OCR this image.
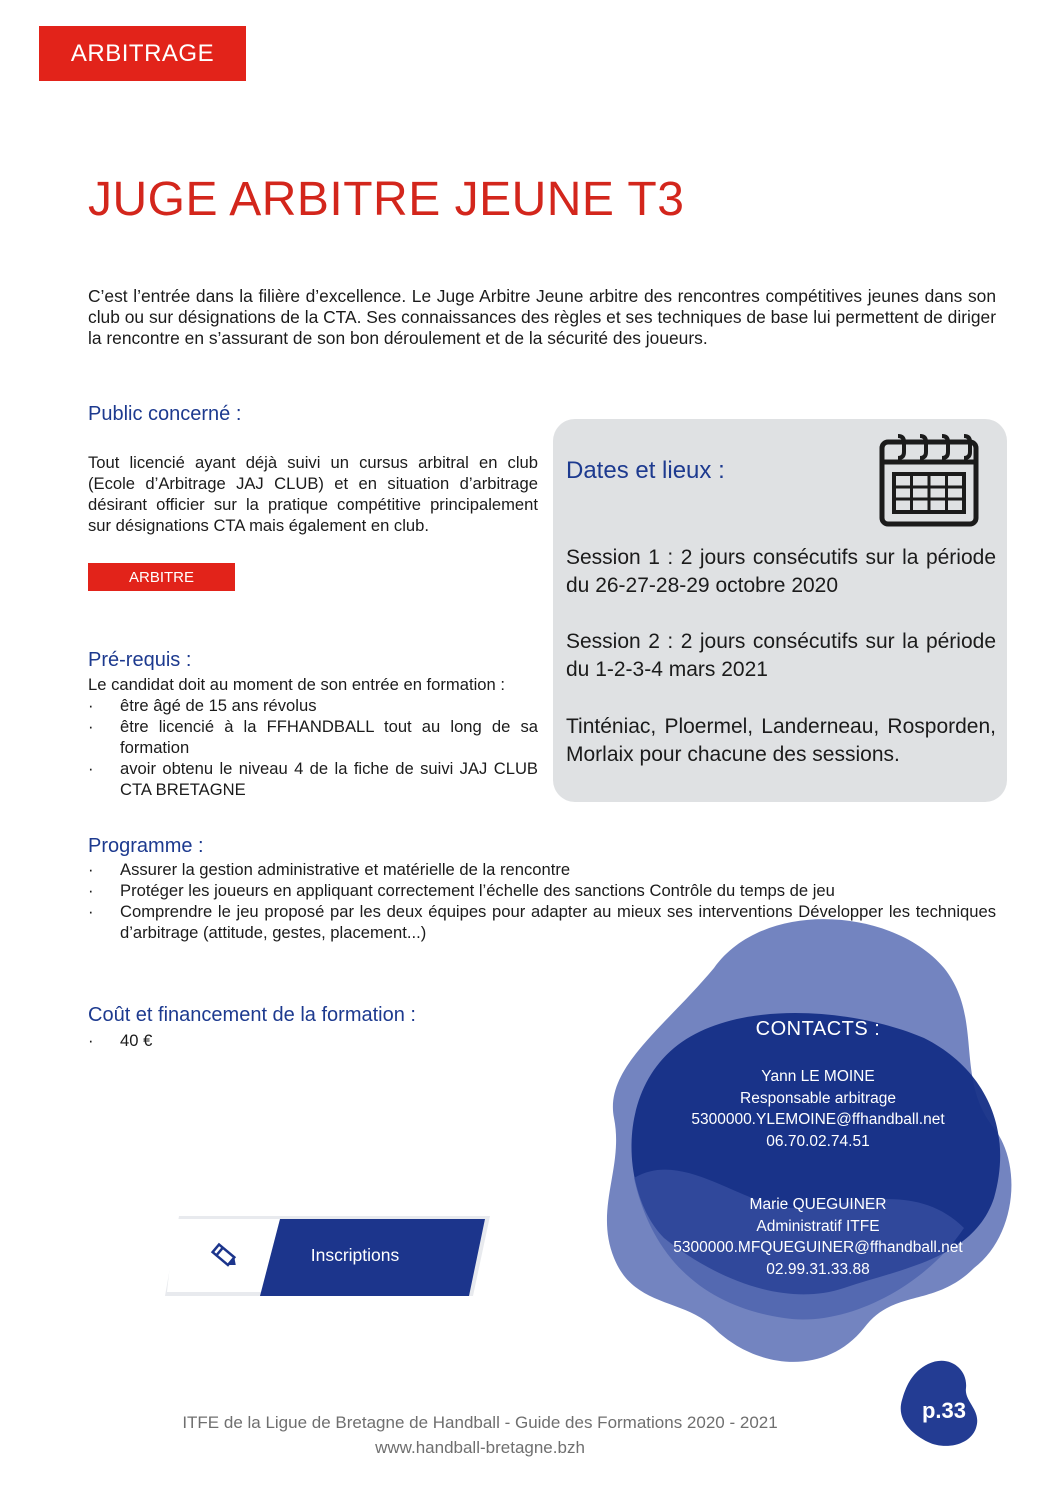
ARBITRAGE
JUGE ARBITRE JEUNE T3
C’est l’entrée dans la filière d’excellence. Le Juge Arbitre Jeune arbitre des rencontres compétitives jeunes dans son club ou sur désignations de la CTA. Ses connaissances des règles et ses techniques de base lui permettent de diriger la rencontre en s’assurant de son bon déroulement et de la sécurité des joueurs.
Public concerné :
Tout licencié ayant déjà suivi un cursus arbitral en club (Ecole d’Arbitrage JAJ CLUB) et en situation d’arbitrage désirant officier sur la pratique compétitive principalement sur désignations CTA mais également en club.
ARBITRE
Pré-requis :
Le candidat doit au moment de son entrée en formation :
· être âgé de 15 ans révolus
· être licencié à la FFHANDBALL tout au long de sa formation
· avoir obtenu le niveau 4 de la fiche de suivi JAJ CLUB CTA BRETAGNE
Programme :
· Assurer la gestion administrative et matérielle de la rencontre
· Protéger les joueurs en appliquant correctement l’échelle des sanctions Contrôle du temps de jeu
· Comprendre le jeu proposé par les deux équipes pour adapter au mieux ses interventions Développer les techniques d’arbitrage (attitude, gestes, placement...)
Coût et financement de la formation :
· 40 €
Dates et lieux :
Session 1 : 2 jours consécutifs sur la période du 26-27-28-29 octobre 2020
Session 2 : 2 jours consécutifs sur la période du 1-2-3-4 mars 2021
Tinténiac, Ploermel, Landerneau, Rosporden, Morlaix pour chacune des sessions.
CONTACTS :
Yann LE MOINE
Responsable arbitrage
5300000.YLEMOINE@ffhandball.net
06.70.02.74.51
Marie QUEGUINER
Administratif ITFE
5300000.MFQUEGUINER@ffhandball.net
02.99.31.33.88
Inscriptions
p.33
ITFE de la Ligue de Bretagne de Handball - Guide des Formations 2020 - 2021
www.handball-bretagne.bzh
